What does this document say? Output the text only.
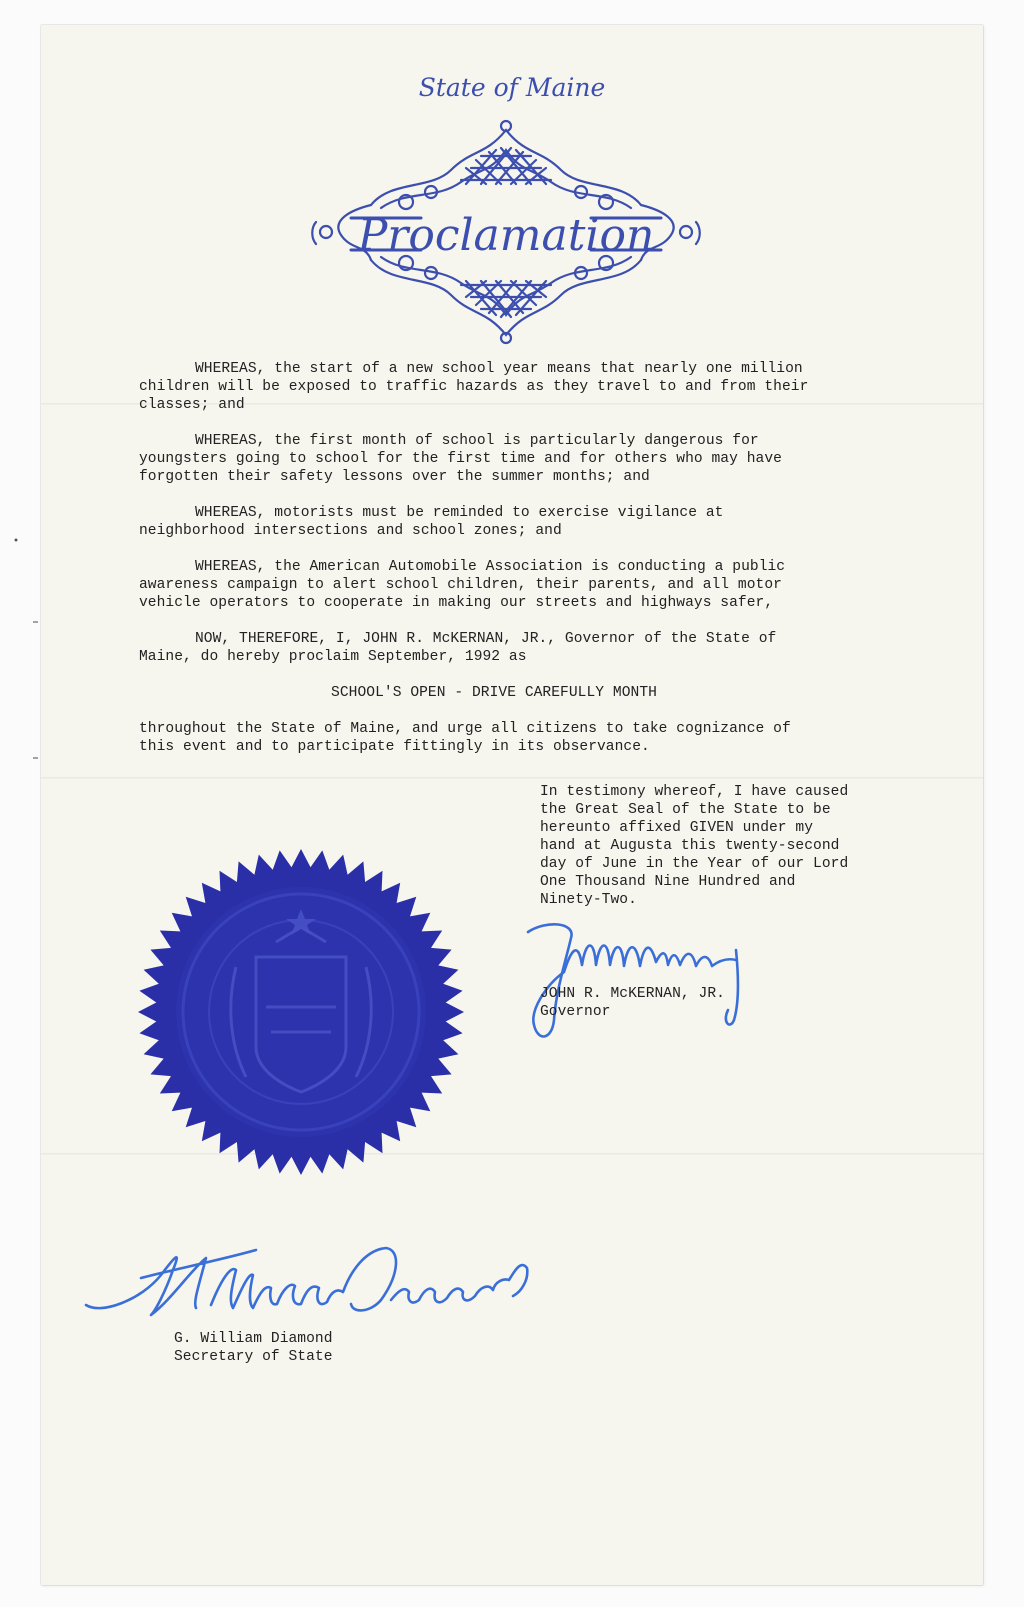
State of Maine
Proclamation

WHEREAS, the start of a new school year means that nearly one million
children will be exposed to traffic hazards as they travel to and from their
classes; and

WHEREAS, the first month of school is particularly dangerous for
youngsters going to school for the first time and for others who may have
forgotten their safety lessons over the summer months; and

WHEREAS, motorists must be reminded to exercise vigilance at
neighborhood intersections and school zones; and

WHEREAS, the American Automobile Association is conducting a public
awareness campaign to alert school children, their parents, and all motor
vehicle operators to cooperate in making our streets and highways safer,

NOW, THEREFORE, I, JOHN R. McKERNAN, JR., Governor of the State of
Maine, do hereby proclaim September, 1992 as

SCHOOL'S OPEN - DRIVE CAREFULLY MONTH

throughout the State of Maine, and urge all citizens to take cognizance of
this event and to participate fittingly in its observance.

In testimony whereof, I have caused
the Great Seal of the State to be
hereunto affixed GIVEN under my
hand at Augusta this twenty-second
day of June in the Year of our Lord
One Thousand Nine Hundred and
Ninety-Two.
JOHN R. McKERNAN, JR.
Governor
G. William Diamond
Secretary of State
